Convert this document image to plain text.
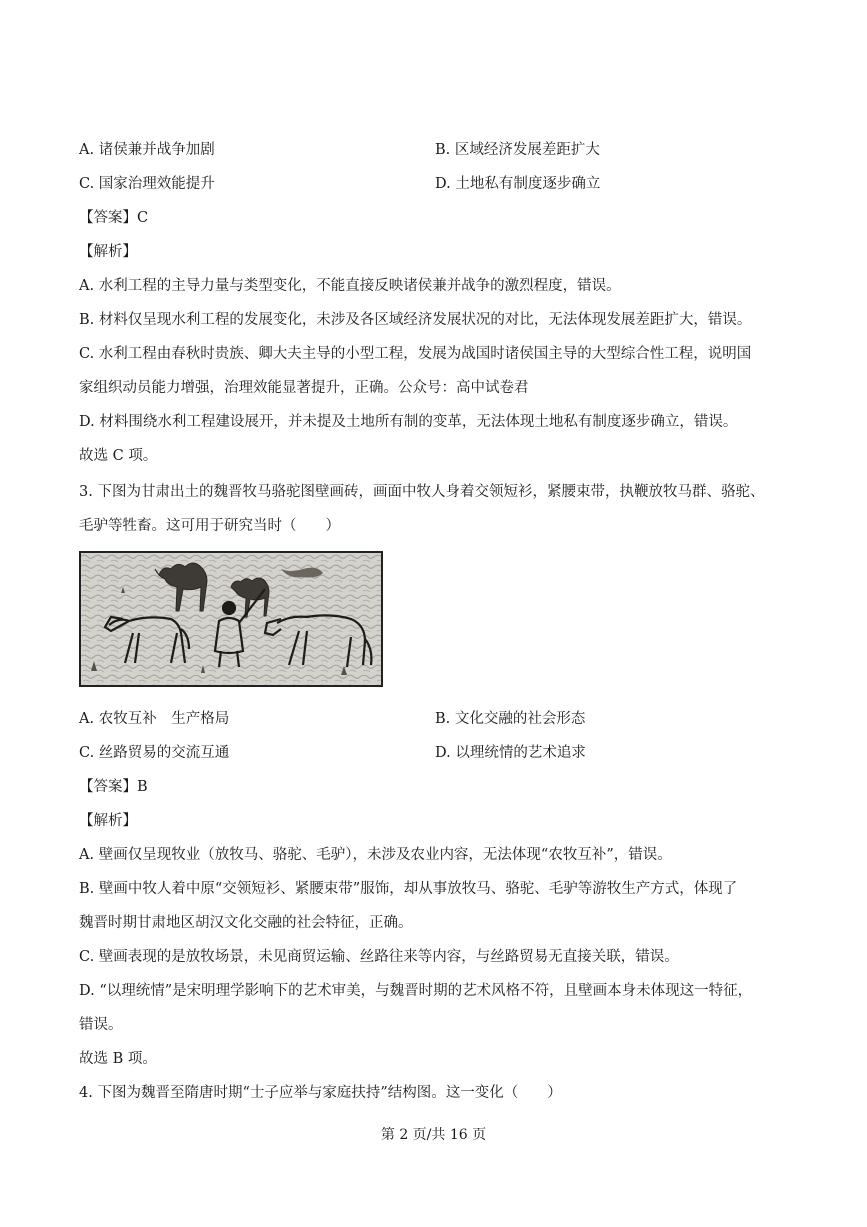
A. 诸侯兼并战争加剧	B. 区域经济发展差距扩大
C. 国家治理效能提升	D. 土地私有制度逐步确立
【答案】C
【解析】
A. 水利工程的主导力量与类型变化，不能直接反映诸侯兼并战争的激烈程度，错误。
B. 材料仅呈现水利工程的发展变化，未涉及各区域经济发展状况的对比，无法体现发展差距扩大，错误。
C. 水利工程由春秋时贵族、卿大夫主导的小型工程，发展为战国时诸侯国主导的大型综合性工程，说明国
家组织动员能力增强，治理效能显著提升，正确。公众号：高中试卷君
D. 材料围绕水利工程建设展开，并未提及土地所有制的变革，无法体现土地私有制度逐步确立，错误。
故选 C 项。
3. 下图为甘肃出土的魏晋牧马骆驼图壁画砖，画面中牧人身着交领短衫，紧腰束带，执鞭放牧马群、骆驼、
毛驴等牲畜。这可用于研究当时（　　）
A. 农牧互补　生产格局	B. 文化交融的社会形态
C. 丝路贸易的交流互通	D. 以理统情的艺术追求
【答案】B
【解析】
A. 壁画仅呈现牧业（放牧马、骆驼、毛驴），未涉及农业内容，无法体现“农牧互补”，错误。
B. 壁画中牧人着中原“交领短衫、紧腰束带”服饰，却从事放牧马、骆驼、毛驴等游牧生产方式，体现了
魏晋时期甘肃地区胡汉文化交融的社会特征，正确。
C. 壁画表现的是放牧场景，未见商贸运输、丝路往来等内容，与丝路贸易无直接关联，错误。
D. “以理统情”是宋明理学影响下的艺术审美，与魏晋时期的艺术风格不符，且壁画本身未体现这一特征，
错误。
故选 B 项。
4. 下图为魏晋至隋唐时期“士子应举与家庭扶持”结构图。这一变化（　　）
第 2 页/共 16 页
